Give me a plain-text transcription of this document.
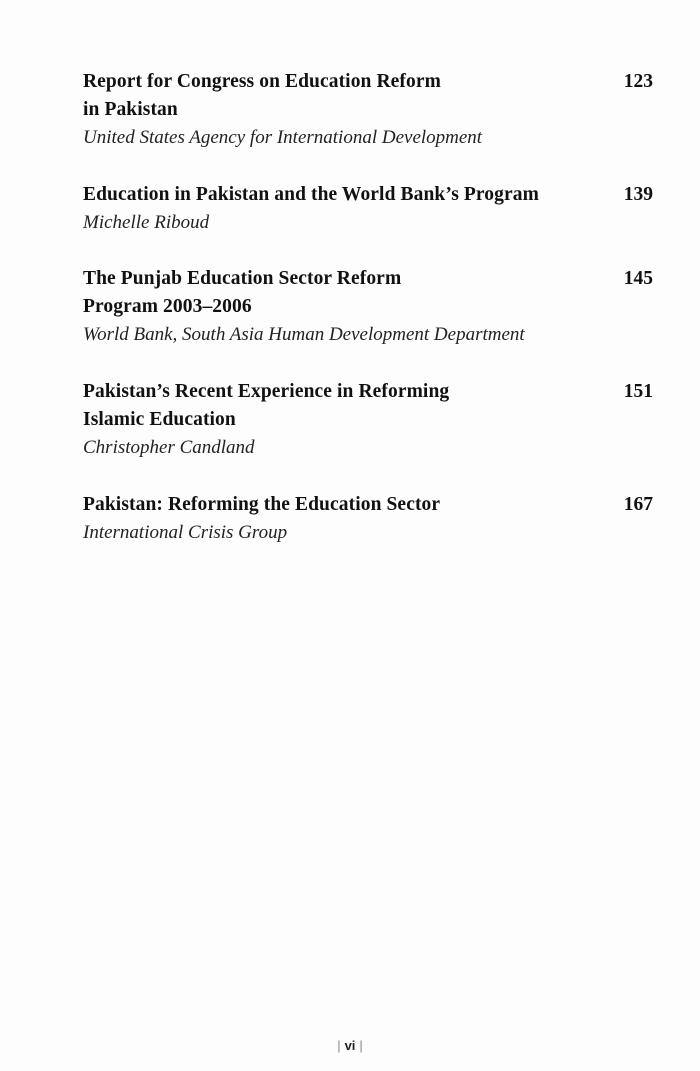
Report for Congress on Education Reform
in Pakistan
123
United States Agency for International Development
Education in Pakistan and the World Bank’s Program	139
Michelle Riboud
The Punjab Education Sector Reform
Program 2003–2006
145
World Bank, South Asia Human Development Department
Pakistan’s Recent Experience in Reforming
Islamic Education
151
Christopher Candland
Pakistan: Reforming the Education Sector	167
International Crisis Group
| vi |
